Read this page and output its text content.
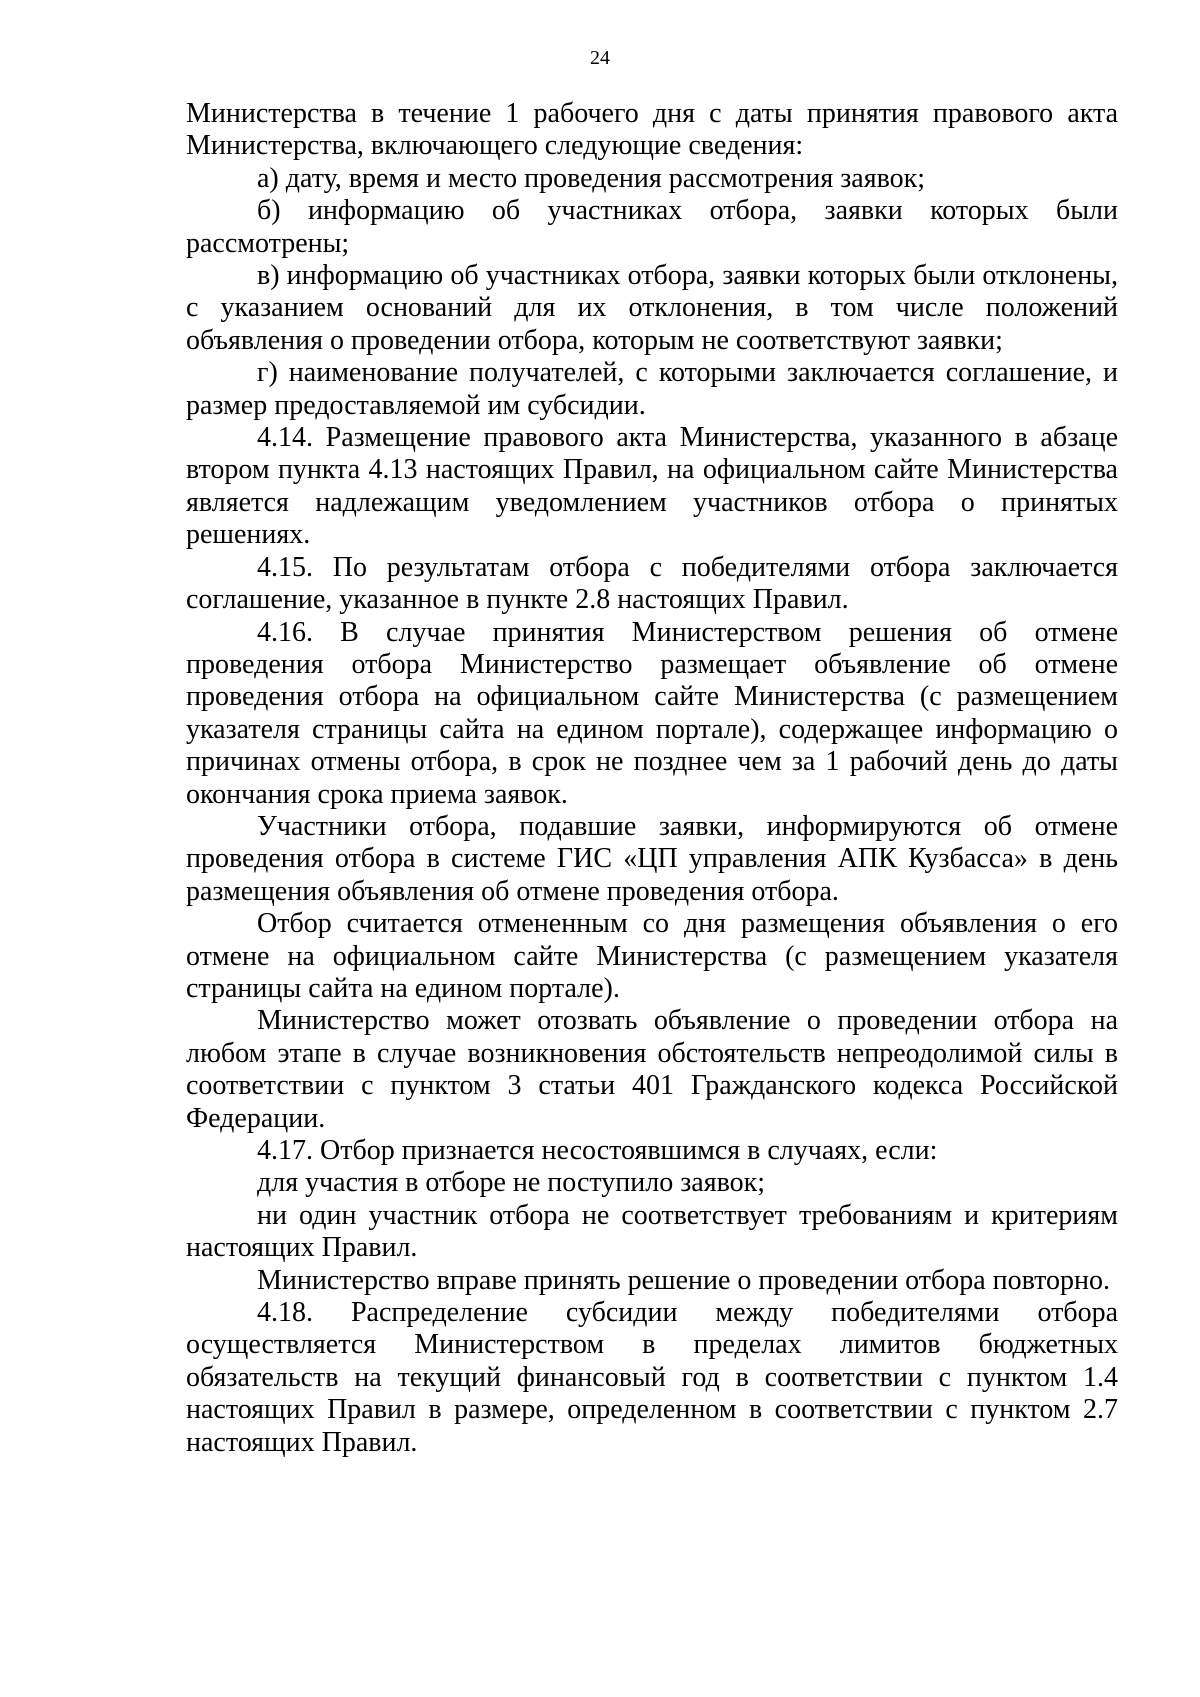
24

Министерства в течение 1 рабочего дня с даты принятия правового акта Министерства, включающего следующие сведения:

а) дату, время и место проведения рассмотрения заявок;

б) информацию об участниках отбора, заявки которых были рассмотрены;

в) информацию об участниках отбора, заявки которых были отклонены, с указанием оснований для их отклонения, в том числе положений объявления о проведении отбора, которым не соответствуют заявки;

г) наименование получателей, с которыми заключается соглашение, и размер предоставляемой им субсидии.

4.14. Размещение правового акта Министерства, указанного в абзаце втором пункта 4.13 настоящих Правил, на официальном сайте Министерства является надлежащим уведомлением участников отбора о принятых решениях.

4.15. По результатам отбора с победителями отбора заключается соглашение, указанное в пункте 2.8 настоящих Правил.

4.16. В случае принятия Министерством решения об отмене проведения отбора Министерство размещает объявление об отмене проведения отбора на официальном сайте Министерства (с размещением указателя страницы сайта на едином портале), содержащее информацию о причинах отмены отбора, в срок не позднее чем за 1 рабочий день до даты окончания срока приема заявок.

Участники отбора, подавшие заявки, информируются об отмене проведения отбора в системе ГИС «ЦП управления АПК Кузбасса» в день размещения объявления об отмене проведения отбора.

Отбор считается отмененным со дня размещения объявления о его отмене на официальном сайте Министерства (с размещением указателя страницы сайта на едином портале).

Министерство может отозвать объявление о проведении отбора на любом этапе в случае возникновения обстоятельств непреодолимой силы в соответствии с пунктом 3 статьи 401 Гражданского кодекса Российской Федерации.

4.17. Отбор признается несостоявшимся в случаях, если:

для участия в отборе не поступило заявок;

ни один участник отбора не соответствует требованиям и критериям настоящих Правил.

Министерство вправе принять решение о проведении отбора повторно.

4.18. Распределение субсидии между победителями отбора осуществляется Министерством в пределах лимитов бюджетных обязательств на текущий финансовый год в соответствии с пунктом 1.4 настоящих Правил в размере, определенном в соответствии с пунктом 2.7 настоящих Правил.
